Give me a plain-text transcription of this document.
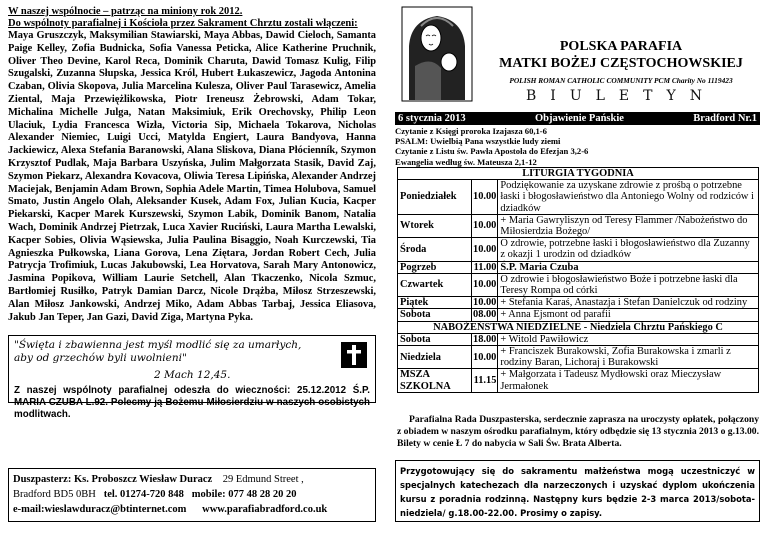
W naszej wspólnocie – patrząc na miniony rok 2012.
Do wspólnoty parafialnej i Kościoła przez Sakrament Chrztu zostali włączeni:
Maya Gruszczyk, Maksymilian Stawiarski, Maya Abbas, Dawid Cieloch, Samanta Paige Kelley, Zofia Budnicka, Sofia Vanessa Peticka, Alice Katherine Pruchnik, Oliver Theo Devine, Karol Reca, Dominik Charuta, Dawid Tomasz Kulig, Filip Szugalski, Zuzanna Słupska, Jessica Król, Hubert Łukaszewicz, Jagoda Antonina Czaban, Olivia Skopova, Julia Marcelina Kulesza, Oliver Paul Tarasewicz, Amelia Ziental, Maja Przewiężlikowska, Piotr Ireneusz Żebrowski, Adam Tokar, Michalina Michelle Julga, Natan Maksimiuk, Erik Orechovsky, Philip Leon Ulaciuk, Lydia Francesca Wizła, Victoria Sip, Michaela Tokarova, Nicholas Alexander Niemiec, Luigi Ucci, Matylda Engiert, Laura Bandyova, Hanna Jackiewicz, Alexa Stefania Baranowski, Alana Sliskova, Diana Płócienník, Szymon Krzysztof Pudlak, Maja Barbara Uszyńska, Julim Małgorzata Stasik, David Zaj, Szymon Piekarz, Alexandra Kovacova, Oliwia Teresa Lipińska, Alexander Andrzej Maciejak, Benjamin Adam Brown, Sophia Adele Martin, Timea Holubova, Samuel Smato, Justin Angelo Olah, Aleksander Kusek, Adam Fox, Julian Kucia, Kacper Piekarski, Kacper Marek Kurszewski, Szymon Labik, Dominik Banom, Natalia Wach, Dominik Andrzej Pietrzak, Luca Xavier Ruciński, Laura Martha Lewalski, Kacper Sobies, Olivia Wąsiewska, Julia Paulina Bisaggio, Noah Kurczewski, Tia Agnieszka Pułkowska, Liana Gorova, Lena Ziętara, Jordan Robert Cech, Julia Patrycja Trofimiuk, Lucas Jakubowski, Lea Horvatova, Sarah Mary Antonowicz, Jasmina Popikova, William Laurie Setchell, Alan Tkaczenko, Nicola Szmuc, Bartłomiej Rusiłko, Patryk Damian Darcz, Nicole Drążba, Miłosz Strzeszewski, Alan Miłosz Jankowski, Andrzej Miko, Adam Abbas Tarbaj, Jessica Eliasova, Jakub Jan Teper, Jan Gazi, David Ziga, Martyna Pyka.
"Święta i zbawienna jest myśl modlić się za umarłych, aby od grzechów byli uwolnieni"
2 Mach 12,45.
Z naszej wspólnoty parafialnej odeszła do wieczności: 25.12.2012 Ś.P. MARIA CZUBA L.92. Polecmy ją Bożemu Miłosierdziu w naszych osobistych modlitwach.
Duszpasterz: Ks. Proboszcz Wiesław Duracz 29 Edmund Street ,
Bradford BD5 0BH tel. 01274-720 848 mobile: 077 48 28 20 20
e-mail:wieslawduracz@btinternet.com www.parafiabradford.co.uk
POLSKA PARAFIA
MATKI BOŻEJ CZĘSTOCHOWSKIEJ
POLISH ROMAN CATHOLIC COMMUNITY PCM Charity No 1119423
BIULETYN
6 stycznia 2013	Objawienie Pańskie	Bradford Nr.1
Czytanie z Księgi proroka Izajasza 60,1-6
PSALM: Uwielbią Pana wszystkie ludy ziemi
Czytanie z Listu św. Pawła Apostoła do Efezjan 3,2-6
Ewangelia według św. Mateusza 2,1-12
LITURGIA TYGODNIA		
Poniedziałek	10.00	Podziękowanie za uzyskane zdrowie z prośbą o potrzebne łaski i błogosławieństwo dla Antoniego Wolny od rodziców i dziadków
Wtorek	10.00	+ Maria Gawryliszyn od Teresy Flammer /Nabożeństwo do Miłosierdzia Bożego/
Środa	10.00	O zdrowie, potrzebne łaski i błogosławieństwo dla Zuzanny z okazji 1 urodzin od dziadków
Pogrzeb	11.00	Ś.P. Maria Czuba
Czwartek	10.00	O zdrowie i błogosławieństwo Boże i potrzebne łaski dla Teresy Rompa od córki
Piątek	10.00	+ Stefania Karaś, Anastazja i Stefan Danielczuk od rodziny
Sobota	08.00	+ Anna Ejsmont od parafii
NABOŻEŃSTWA NIEDZIELNE - Niedziela Chrztu Pańskiego C		
Sobota	18.00	+ Witold Pawiłowicz
Niedziela	10.00	+ Franciszek Burakowski, Zofia Burakowska i zmarli z rodziny Baran, Lichoraj i Burakowski
MSZA SZKOLNA	11.15	+ Małgorzata i Tadeusz Mydłowski oraz Mieczysław Jermałonek
Parafialna Rada Duszpasterska, serdecznie zaprasza na uroczysty opłatek, połączony z obiadem w naszym ośrodku parafialnym, który odbędzie się 13 stycznia 2013 o g.13.00. Bilety w cenie Ł 7 do nabycia w Sali Św. Brata Alberta.
Przygotowujący się do sakramentu małżeństwa mogą uczestniczyć w specjalnych katechezach dla narzeczonych i uzyskać dyplom ukończenia kursu z poradnia rodzinną. Następny kurs będzie 2-3 marca 2013/sobota-niedziela/ g.18.00-22.00. Prosimy o zapisy.
